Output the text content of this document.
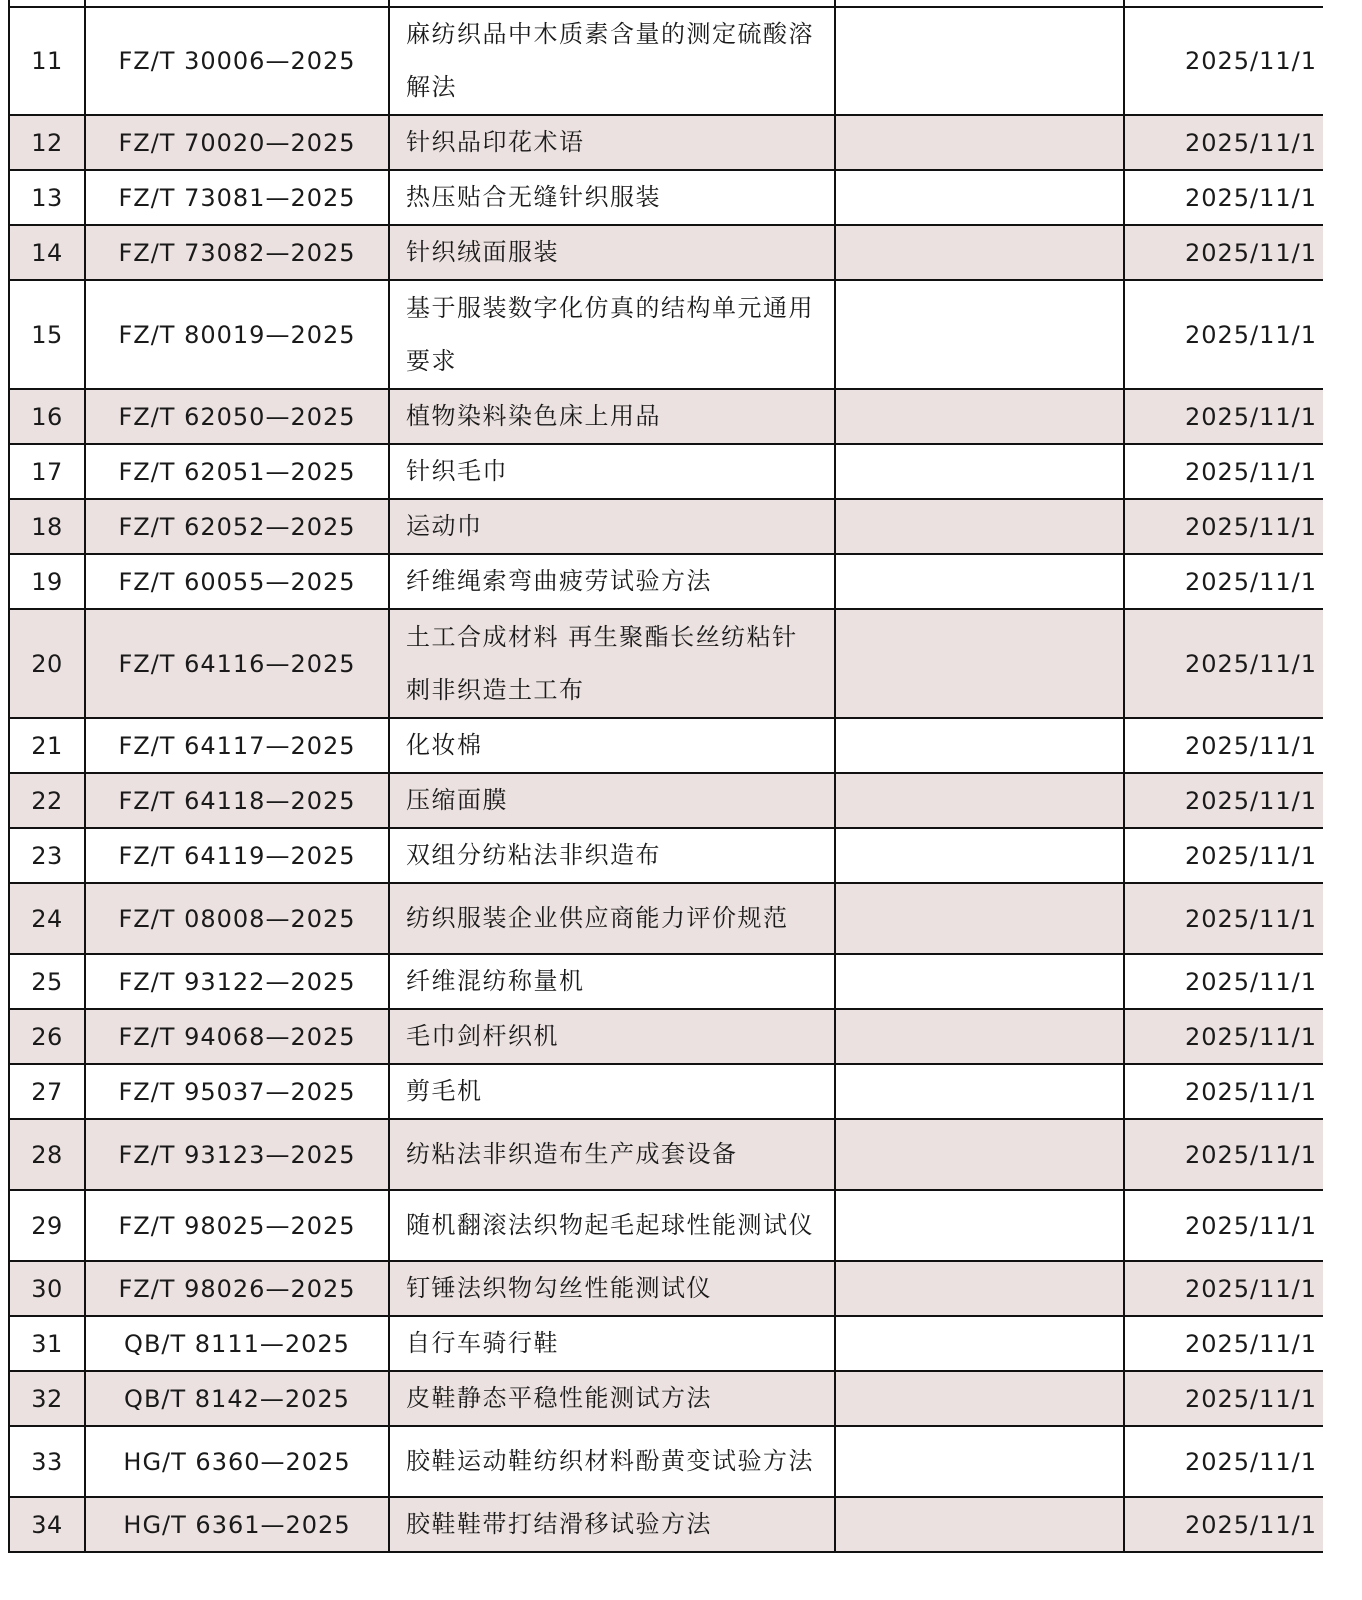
11	FZ/T 30006—2025	麻纺织品中木质素含量的测定硫酸溶解法		2025/11/1
12	FZ/T 70020—2025	针织品印花术语		2025/11/1
13	FZ/T 73081—2025	热压贴合无缝针织服装		2025/11/1
14	FZ/T 73082—2025	针织绒面服装		2025/11/1
15	FZ/T 80019—2025	基于服装数字化仿真的结构单元通用要求		2025/11/1
16	FZ/T 62050—2025	植物染料染色床上用品		2025/11/1
17	FZ/T 62051—2025	针织毛巾		2025/11/1
18	FZ/T 62052—2025	运动巾		2025/11/1
19	FZ/T 60055—2025	纤维绳索弯曲疲劳试验方法		2025/11/1
20	FZ/T 64116—2025	土工合成材料 再生聚酯长丝纺粘针刺非织造土工布		2025/11/1
21	FZ/T 64117—2025	化妆棉		2025/11/1
22	FZ/T 64118—2025	压缩面膜		2025/11/1
23	FZ/T 64119—2025	双组分纺粘法非织造布		2025/11/1
24	FZ/T 08008—2025	纺织服装企业供应商能力评价规范		2025/11/1
25	FZ/T 93122—2025	纤维混纺称量机		2025/11/1
26	FZ/T 94068—2025	毛巾剑杆织机		2025/11/1
27	FZ/T 95037—2025	剪毛机		2025/11/1
28	FZ/T 93123—2025	纺粘法非织造布生产成套设备		2025/11/1
29	FZ/T 98025—2025	随机翻滚法织物起毛起球性能测试仪		2025/11/1
30	FZ/T 98026—2025	钉锤法织物勾丝性能测试仪		2025/11/1
31	QB/T 8111—2025	自行车骑行鞋		2025/11/1
32	QB/T 8142—2025	皮鞋静态平稳性能测试方法		2025/11/1
33	HG/T 6360—2025	胶鞋运动鞋纺织材料酚黄变试验方法		2025/11/1
34	HG/T 6361—2025	胶鞋鞋带打结滑移试验方法		2025/11/1
